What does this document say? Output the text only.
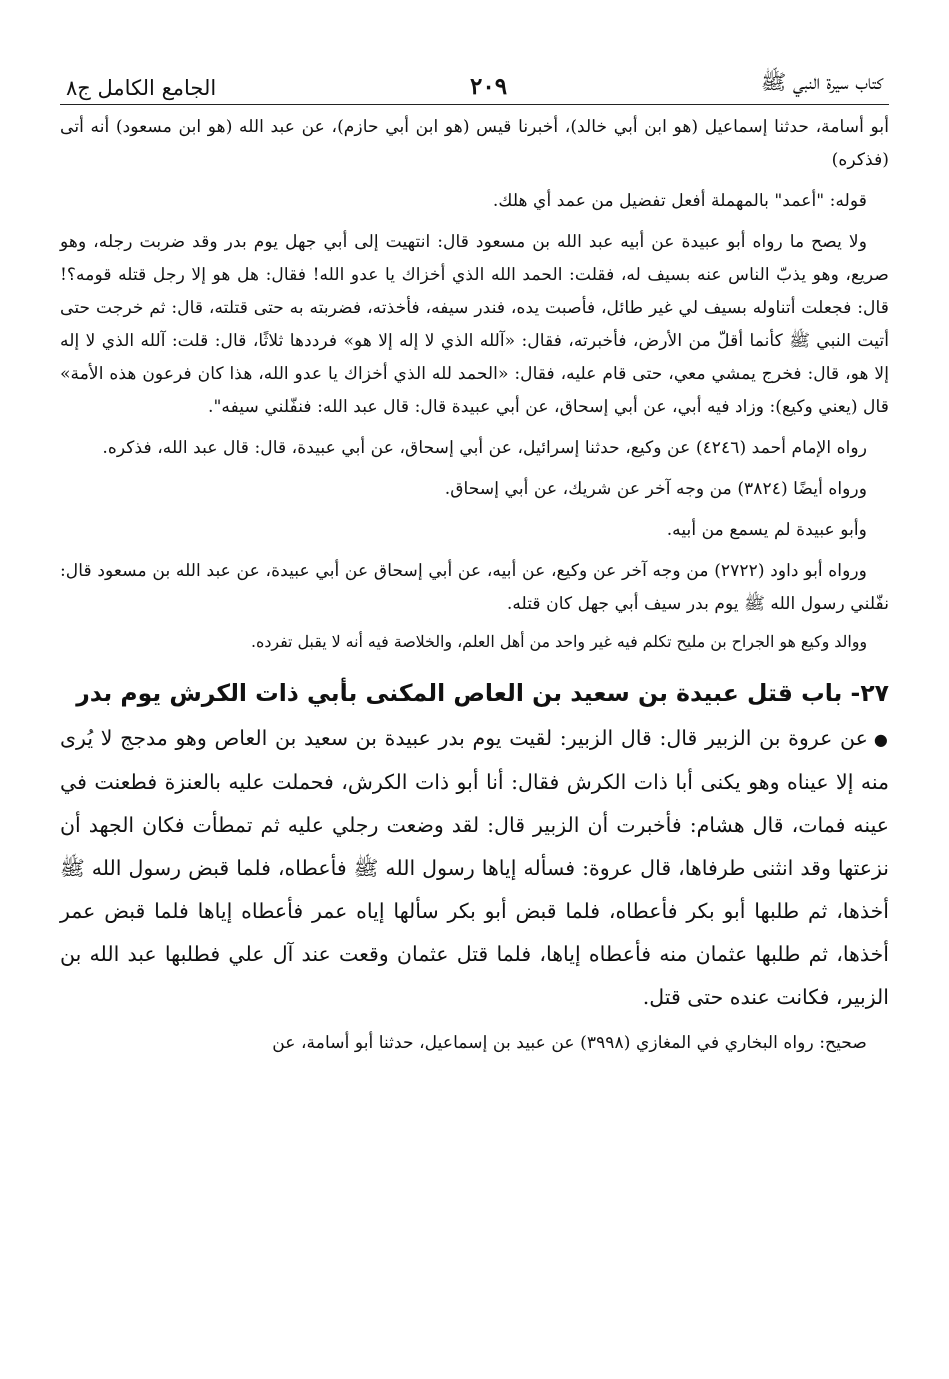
كتاب سيرة النبي ﷺ
٢٠٩
الجامع الكامل ج٨

أبو أسامة، حدثنا إسماعيل (هو ابن أبي خالد)، أخبرنا قيس (هو ابن أبي حازم)، عن عبد الله (هو ابن مسعود) أنه أتى (فذكره)

قوله: "أعمد" بالمهملة أفعل تفضيل من عمد أي هلك.

ولا يصح ما رواه أبو عبيدة عن أبيه عبد الله بن مسعود قال: انتهيت إلى أبي جهل يوم بدر وقد ضربت رجله، وهو صريع، وهو يذبّ الناس عنه بسيف له، فقلت: الحمد الله الذي أخزاك يا عدو الله! فقال: هل هو إلا رجل قتله قومه؟! قال: فجعلت أتناوله بسيف لي غير طائل، فأصبت يده، فندر سيفه، فأخذته، فضربته به حتى قتلته، قال: ثم خرجت حتى أتيت النبي ﷺ كأنما أقلّ من الأرض، فأخبرته، فقال: «آلله الذي لا إله إلا هو» فرددها ثلاثًا، قال: قلت: آلله الذي لا إله إلا هو، قال: فخرج يمشي معي، حتى قام عليه، فقال: «الحمد لله الذي أخزاك يا عدو الله، هذا كان فرعون هذه الأمة» قال (يعني وكيع): وزاد فيه أبي، عن أبي إسحاق، عن أبي عبيدة قال: قال عبد الله: فنفّلني سيفه".

رواه الإمام أحمد (٤٢٤٦) عن وكيع، حدثنا إسرائيل، عن أبي إسحاق، عن أبي عبيدة، قال: قال عبد الله، فذكره.

ورواه أيضًا (٣٨٢٤) من وجه آخر عن شريك، عن أبي إسحاق.

وأبو عبيدة لم يسمع من أبيه.

ورواه أبو داود (٢٧٢٢) من وجه آخر عن وكيع، عن أبيه، عن أبي إسحاق عن أبي عبيدة، عن عبد الله بن مسعود قال: نفّلني رسول الله ﷺ يوم بدر سيف أبي جهل كان قتله.

ووالد وكيع هو الجراح بن مليح تكلم فيه غير واحد من أهل العلم، والخلاصة فيه أنه لا يقبل تفرده.
٢٧- باب قتل عبيدة بن سعيد بن العاص المكنى بأبي ذات الكرش يوم بدر

●عن عروة بن الزبير قال: قال الزبير: لقيت يوم بدر عبيدة بن سعيد بن العاص وهو مدجج لا يُرى منه إلا عيناه وهو يكنى أبا ذات الكرش فقال: أنا أبو ذات الكرش، فحملت عليه بالعنزة فطعنت في عينه فمات، قال هشام: فأخبرت أن الزبير قال: لقد وضعت رجلي عليه ثم تمطأت فكان الجهد أن نزعتها وقد انثنى طرفاها، قال عروة: فسأله إياها رسول الله ﷺ فأعطاه، فلما قبض رسول الله ﷺ أخذها، ثم طلبها أبو بكر فأعطاه، فلما قبض أبو بكر سألها إياه عمر فأعطاه إياها فلما قبض عمر أخذها، ثم طلبها عثمان منه فأعطاه إياها، فلما قتل عثمان وقعت عند آل علي فطلبها عبد الله بن الزبير، فكانت عنده حتى قتل.

صحيح: رواه البخاري في المغازي (٣٩٩٨) عن عبيد بن إسماعيل، حدثنا أبو أسامة، عن
